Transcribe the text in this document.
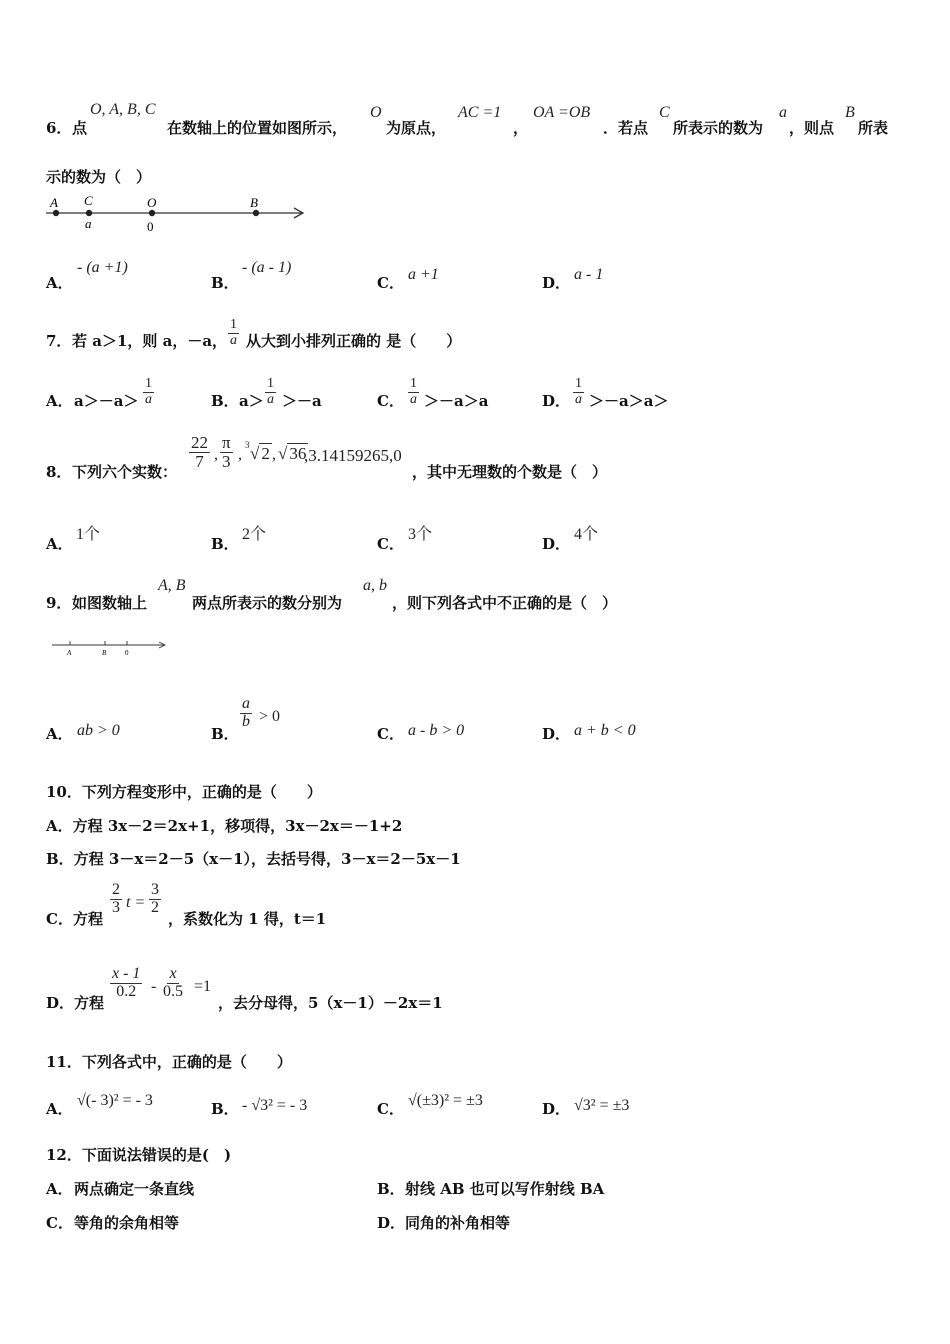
6． 点
O, A, B, C
在数轴上的位置如图所示，
O
为原点，
AC =1
，
OA =OB
．若点
C
所表示的数为
a
，则点
B
所表
示的数为（　）
A C
a
O
0
B
A．
- (a +1)
B．
- (a - 1)
C． a +1	D． a - 1
7． 若 a＞1，则 a，－a， $\frac{1}{a}$ 从大到小排列正确的 是（　　）
A． $a>-a> \frac{1}{a}$	B． $a> \frac{1}{a} >-a$	C． $\frac{1}{a} >-a>a$	D． $\frac{1}{a} >-a>a>$
8． 下列六个实数：
$\frac{22}{7}$ , $\frac{\pi}{3}$ ,
3 √ 2 , √ 36
,3.14159265,0
，其中无理数的个数是（　）
A．
1个
B．
2个
C．
3个
D．
4个
9． 如图数轴上
A, B
两点所表示的数分别为
a, b
，则下列各式中不正确的是（　）
A	B	0
A． ab > 0	B．
$\frac{a}{b} > 0$
C． a - b > 0	D． a + b < 0
10．下列方程变形中，正确的是（　　）
A．方程 3x－2＝2x+1，移项得，3x－2x＝－1+2
B．方程 3－x＝2－5（x－1），去括号得，3－x＝2－5x－1
C．方程
$\frac{2}{3}$ $t = \frac{3}{2}$
，系数化为 1 得，t＝1
D．方程
$\frac{x - 1}{0.2} - \frac{x}{0.5} =1$
，去分母得，5（x－1）－2x＝1
11．下列各式中，正确的是（　　）
A． √(- 3)² = - 3	B． - √3² = - 3	C． √(±3)² = ±3	D． √3² = ±3
12．下面说法错误的是(　)
A． 两点确定一条直线	B． 射线 AB 也可以写作射线 BA
C． 等角的余角相等	D． 同角的补角相等
